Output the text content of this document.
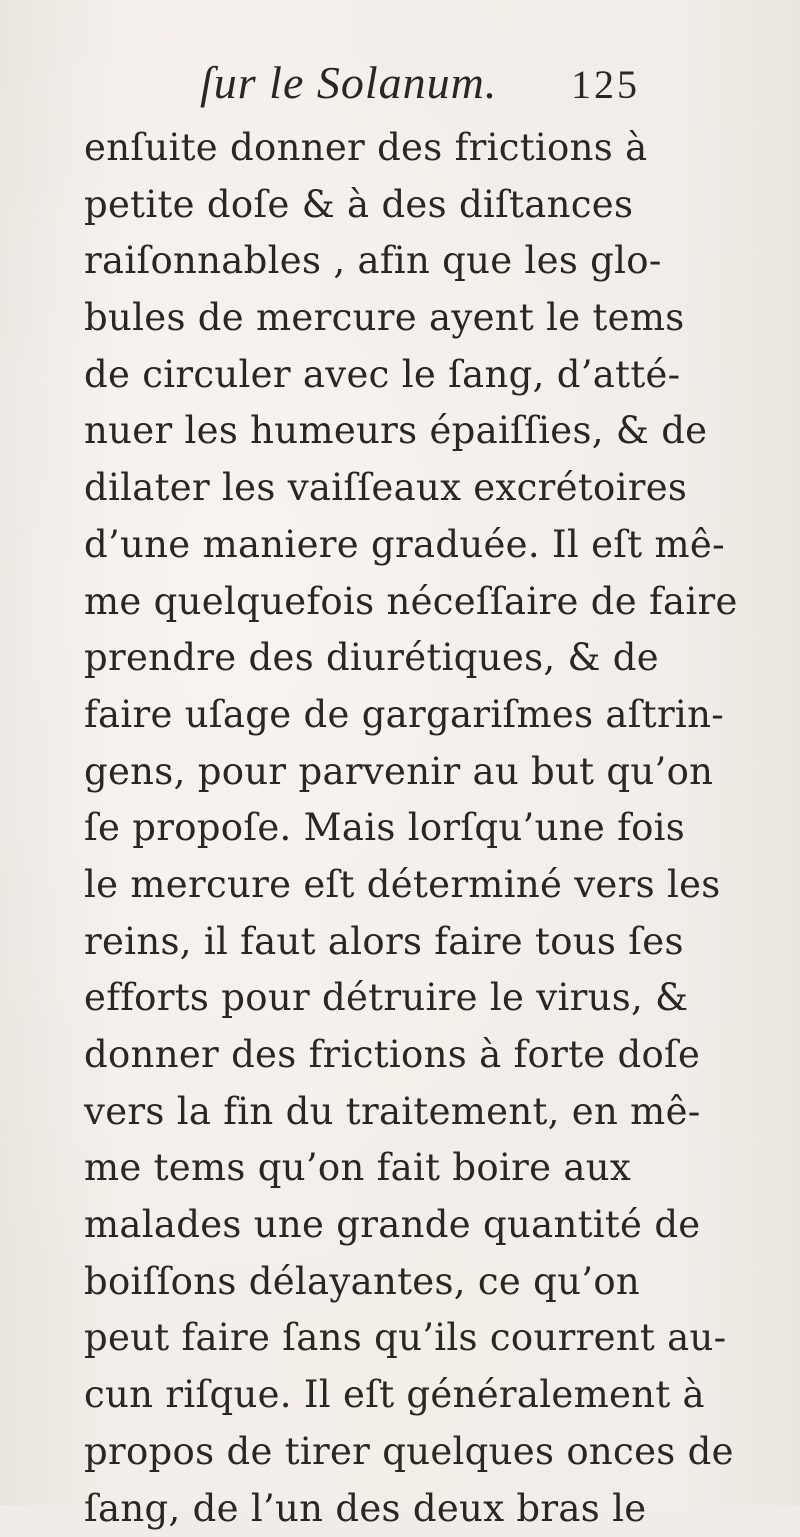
ſur le Solanum. 125
enſuite donner des frictions à
petite doſe & à des diſtances
raiſonnables , afin que les glo-
bules de mercure ayent le tems
de circuler avec le ſang, d’atté-
nuer les humeurs épaiſſies, & de
dilater les vaiſſeaux excrétoires
d’une maniere graduée. Il eſt mê-
me quelquefois néceſſaire de faire
prendre des diurétiques, & de
faire uſage de gargariſmes aſtrin-
gens, pour parvenir au but qu’on
ſe propoſe. Mais lorſqu’une fois
le mercure eſt déterminé vers les
reins, il faut alors faire tous ſes
efforts pour détruire le virus, &
donner des frictions à forte doſe
vers la fin du traitement, en mê-
me tems qu’on fait boire aux
malades une grande quantité de
boiſſons délayantes, ce qu’on
peut faire ſans qu’ils courrent au-
cun riſque. Il eſt généralement à
propos de tirer quelques onces de
ſang, de l’un des deux bras le
